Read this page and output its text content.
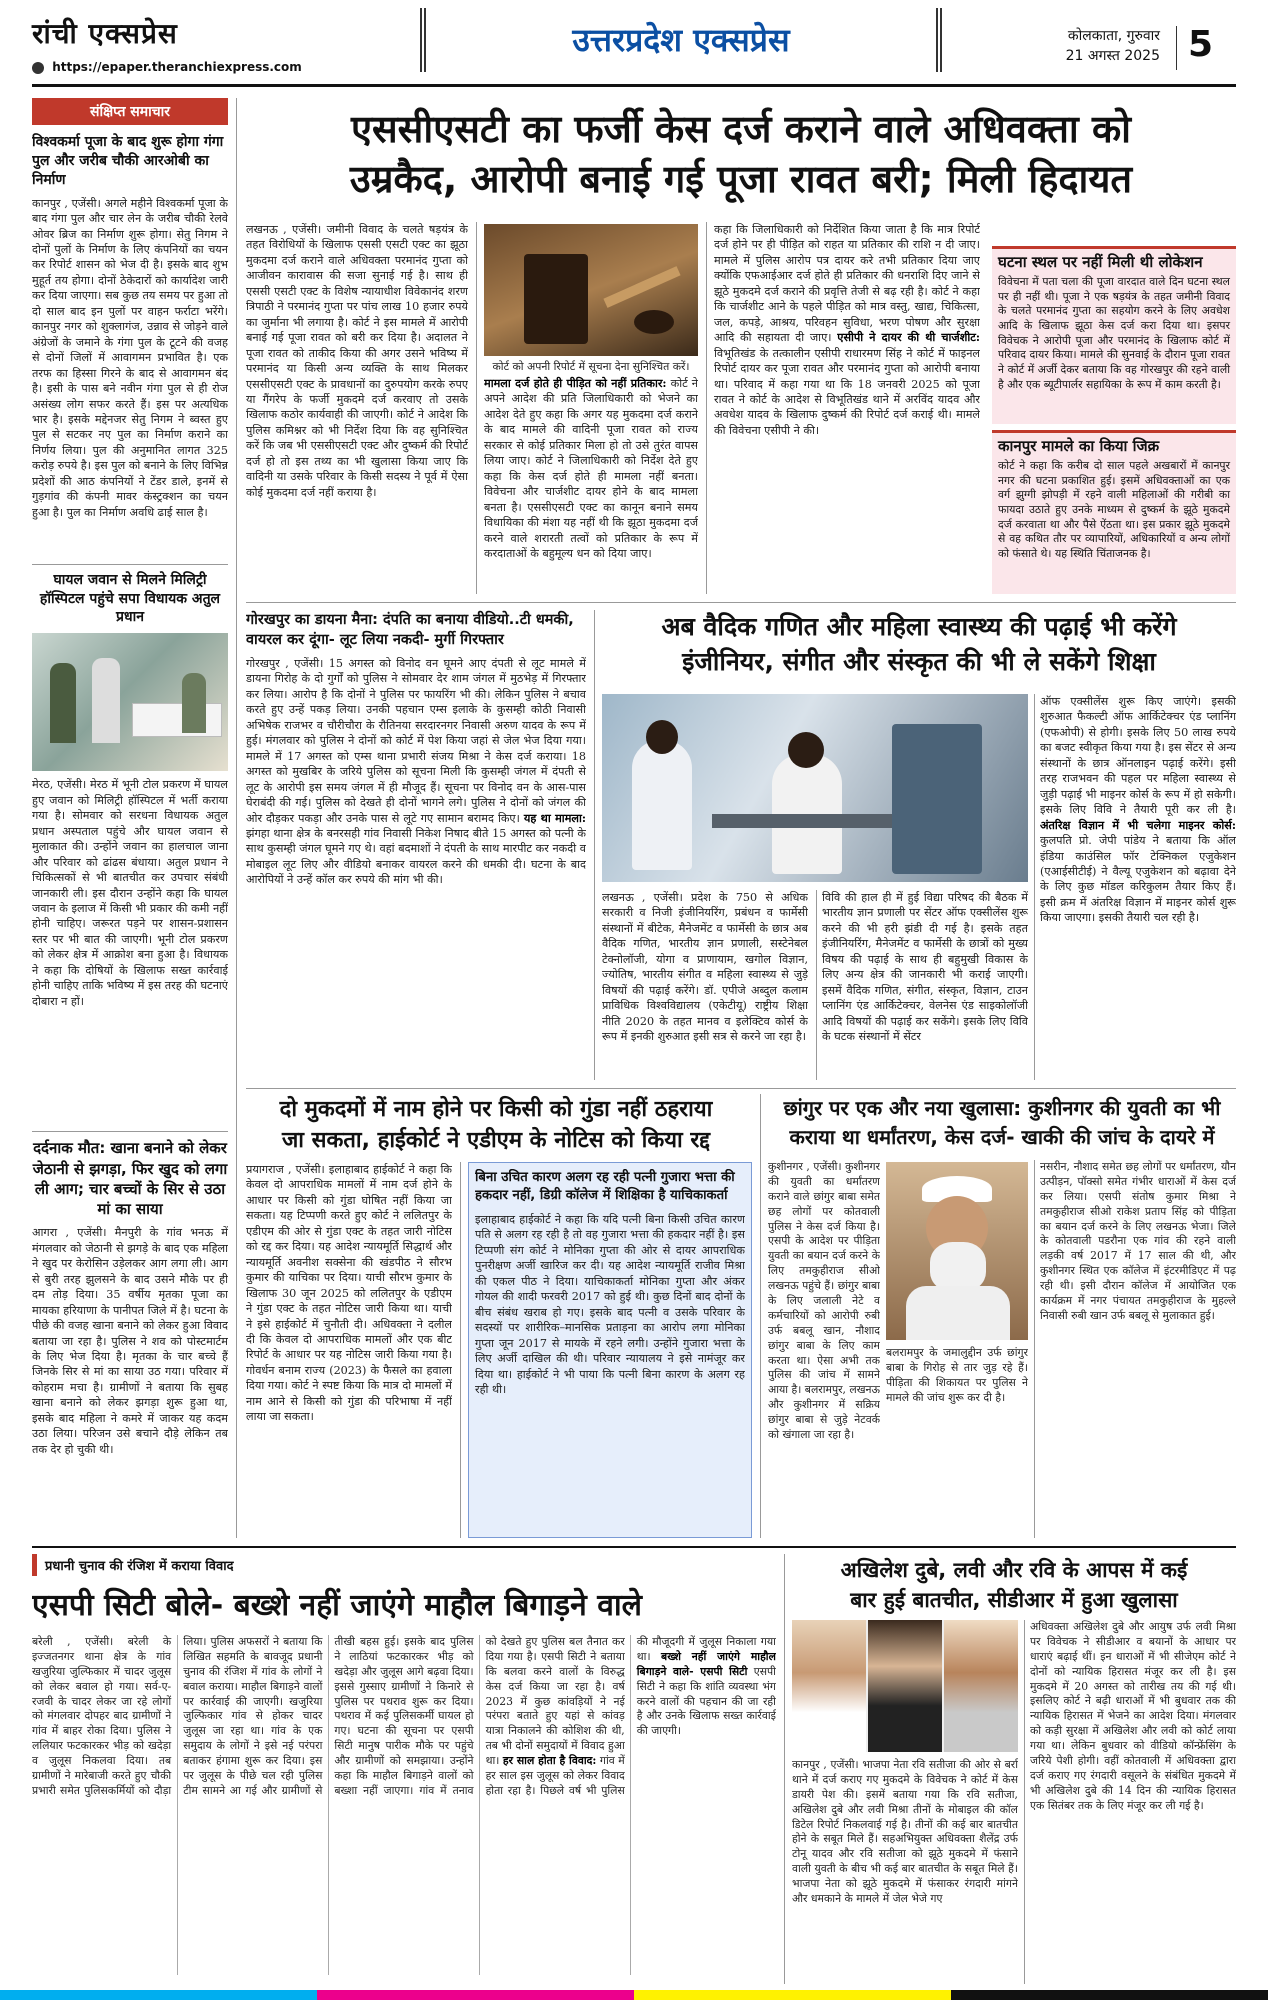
रांची एक्सप्रेस
https://epaper.theranchiexpress.com
उत्तरप्रदेश एक्सप्रेस	कोलकाता, गुरुवार
21 अगस्त 2025 5
संक्षिप्त समाचार
विश्वकर्मा पूजा के बाद शुरू होगा गंगा पुल और जरीब चौकी आरओबी का निर्माण
कानपुर , एजेंसी। अगले महीने विश्वकर्मा पूजा के बाद गंगा पुल और चार लेन के जरीब चौकी रेलवे ओवर ब्रिज का निर्माण शुरू होगा। सेतु निगम ने दोनों पुलों के निर्माण के लिए कंपनियों का चयन कर रिपोर्ट शासन को भेज दी है। इसके बाद शुभ मुहूर्त तय होगा। दोनों ठेकेदारों को कार्यादेश जारी कर दिया जाएगा। सब कुछ तय समय पर हुआ तो दो साल बाद इन पुलों पर वाहन फर्राटा भरेंगे। कानपुर नगर को शुक्लागंज, उन्नाव से जोड़ने वाले अंग्रेजों के जमाने के गंगा पुल के टूटने की वजह से दोनों जिलों में आवागमन प्रभावित है। एक तरफ का हिस्सा गिरने के बाद से आवागमन बंद है। इसी के पास बने नवीन गंगा पुल से ही रोज असंख्य लोग सफर करते हैं। इस पर अत्यधिक भार है। इसके मद्देनजर सेतु निगम ने ब्वस्त हुए पुल से सटकर नए पुल का निर्माण कराने का निर्णय लिया। पुल की अनुमानित लागत 325 करोड़ रुपये है। इस पुल को बनाने के लिए विभिन्न प्रदेशों की आठ कंपनियों ने टेंडर डाले, इनमें से गुड़गांव की कंपनी मावर कंस्ट्रक्शन का चयन हुआ है। पुल का निर्माण अवधि ढाई साल है।
घायल जवान से मिलने मिलिट्री हॉस्पिटल पहुंचे सपा विधायक अतुल प्रधान
मेरठ, एजेंसी। मेरठ में भूनी टोल प्रकरण में घायल हुए जवान को मिलिट्री हॉस्पिटल में भर्ती कराया गया है। सोमवार को सरधना विधायक अतुल प्रधान अस्पताल पहुंचे और घायल जवान से मुलाकात की। उन्होंने जवान का हालचाल जाना और परिवार को ढांढस बंधाया। अतुल प्रधान ने चिकित्सकों से भी बातचीत कर उपचार संबंधी जानकारी ली। इस दौरान उन्होंने कहा कि घायल जवान के इलाज में किसी भी प्रकार की कमी नहीं होनी चाहिए। जरूरत पड़ने पर शासन-प्रशासन स्तर पर भी बात की जाएगी। भूनी टोल प्रकरण को लेकर क्षेत्र में आक्रोश बना हुआ है। विधायक ने कहा कि दोषियों के खिलाफ सख्त कार्रवाई होनी चाहिए ताकि भविष्य में इस तरह की घटनाएं दोबारा न हों।
दर्दनाक मौत: खाना बनाने को लेकर जेठानी से झगड़ा, फिर खुद को लगा ली आग; चार बच्चों के सिर से उठा मां का साया
आगरा , एजेंसी। मैनपुरी के गांव भनऊ में मंगलवार को जेठानी से झगड़े के बाद एक महिला ने खुद पर केरोसिन उड़ेलकर आग लगा ली। आग से बुरी तरह झुलसने के बाद उसने मौके पर ही दम तोड़ दिया। 35 वर्षीय मृतका पूजा का मायका हरियाणा के पानीपत जिले में है। घटना के पीछे की वजह खाना बनाने को लेकर हुआ विवाद बताया जा रहा है। पुलिस ने शव को पोस्टमार्टम के लिए भेज दिया है। मृतका के चार बच्चे हैं जिनके सिर से मां का साया उठ गया। परिवार में कोहराम मचा है। ग्रामीणों ने बताया कि सुबह खाना बनाने को लेकर झगड़ा शुरू हुआ था, इसके बाद महिला ने कमरे में जाकर यह कदम उठा लिया। परिजन उसे बचाने दौड़े लेकिन तब तक देर हो चुकी थी।
एससीएसटी का फर्जी केस दर्ज कराने वाले अधिवक्ता को
उम्रकैद, आरोपी बनाई गई पूजा रावत बरी; मिली हिदायत
लखनऊ , एजेंसी। जमीनी विवाद के चलते षड़यंत्र के तहत विरोधियों के खिलाफ एससी एसटी एक्ट का झूठा मुकदमा दर्ज कराने वाले अधिवक्ता परमानंद गुप्ता को आजीवन कारावास की सजा सुनाई गई है। साथ ही एससी एसटी एक्ट के विशेष न्यायाधीश विवेकानंद शरण त्रिपाठी ने परमानंद गुप्ता पर पांच लाख 10 हजार रुपये का जुर्माना भी लगाया है। कोर्ट ने इस मामले में आरोपी बनाई गई पूजा रावत को बरी कर दिया है। अदालत ने पूजा रावत को ताकीद किया की अगर उसने भविष्य में परमानंद या किसी अन्य व्यक्ति के साथ मिलकर एससीएसटी एक्ट के प्रावधानों का दुरुपयोग करके रुपए या गैंगरेप के फर्जी मुकदमे दर्ज करवाए तो उसके खिलाफ कठोर कार्यवाही की जाएगी। कोर्ट ने आदेश कि पुलिस कमिश्नर को भी निर्देश दिया कि वह सुनिश्चित करें कि जब भी एससीएसटी एक्ट और दुष्कर्म की रिपोर्ट दर्ज हो तो इस तथ्य का भी खुलासा किया जाए कि वादिनी या उसके परिवार के किसी सदस्य ने पूर्व में ऐसा कोई मुकदमा दर्ज नहीं कराया है।
कोर्ट को अपनी रिपोर्ट में सूचना देना सुनिश्चित करें।
मामला दर्ज होते ही पीड़ित को नहीं प्रतिकार: कोर्ट ने अपने आदेश की प्रति जिलाधिकारी को भेजने का आदेश देते हुए कहा कि अगर यह मुकदमा दर्ज कराने के बाद मामले की वादिनी पूजा रावत को राज्य सरकार से कोई प्रतिकार मिला हो तो उसे तुरंत वापस लिया जाए। कोर्ट ने जिलाधिकारी को निर्देश देते हुए कहा कि केस दर्ज होते ही मामला नहीं बनता। विवेचना और चार्जशीट दायर होने के बाद मामला बनता है। एससीएसटी एक्ट का कानून बनाने समय विधायिका की मंशा यह नहीं थी कि झूठा मुकदमा दर्ज करने वाले शरारती तत्वों को प्रतिकार के रूप में करदाताओं के बहुमूल्य धन को दिया जाए।
कहा कि जिलाधिकारी को निर्देशित किया जाता है कि मात्र रिपोर्ट दर्ज होने पर ही पीड़ित को राहत या प्रतिकार की राशि न दी जाए। मामले में पुलिस आरोप पत्र दायर करे तभी प्रतिकार दिया जाए क्योंकि एफआईआर दर्ज होते ही प्रतिकार की धनराशि दिए जाने से झूठे मुकदमे दर्ज कराने की प्रवृत्ति तेजी से बढ़ रही है। कोर्ट ने कहा कि चार्जशीट आने के पहले पीड़ित को मात्र वस्तु, खाद्य, चिकित्सा, जल, कपड़े, आश्रय, परिवहन सुविधा, भरण पोषण और सुरक्षा आदि की सहायता दी जाए। एसीपी ने दायर की थी चार्जशीट: विभूतिखंड के तत्कालीन एसीपी राधारमण सिंह ने कोर्ट में फाइनल रिपोर्ट दायर कर पूजा रावत और परमानंद गुप्ता को आरोपी बनाया था। परिवाद में कहा गया था कि 18 जनवरी 2025 को पूजा रावत ने कोर्ट के आदेश से विभूतिखंड थाने में अरविंद यादव और अवधेश यादव के खिलाफ दुष्कर्म की रिपोर्ट दर्ज कराई थी। मामले की विवेचना एसीपी ने की।
घटना स्थल पर नहीं मिली थी लोकेशन
विवेचना में पता चला की पूजा वारदात वाले दिन घटना स्थल पर ही नहीं थी। पूजा ने एक षड़यंत्र के तहत जमीनी विवाद के चलते परमानंद गुप्ता का सहयोग करने के लिए अवधेश आदि के खिलाफ झूठा केस दर्ज करा दिया था। इसपर विवेचक ने आरोपी पूजा और परमानंद के खिलाफ कोर्ट में परिवाद दायर किया। मामले की सुनवाई के दौरान पूजा रावत ने कोर्ट में अर्जी देकर बताया कि वह गोरखपुर की रहने वाली है और एक ब्यूटीपार्लर सहायिका के रूप में काम करती है।
कानपुर मामले का किया जिक्र
कोर्ट ने कहा कि करीब दो साल पहले अखबारों में कानपुर नगर की घटना प्रकाशित हुई। इसमें अधिवक्ताओं का एक वर्ग झुग्गी झोपड़ी में रहने वाली महिलाओं की गरीबी का फायदा उठाते हुए उनके माध्यम से दुष्कर्म के झूठे मुकदमे दर्ज करवाता था और पैसे ऐंठता था। इस प्रकार झूठे मुकदमे से वह कथित तौर पर व्यापारियों, अधिकारियों व अन्य लोगों को फंसाते थे। यह स्थिति चिंताजनक है।
गोरखपुर का डायना मैना: दंपति का बनाया वीडियो..टी धमकी, वायरल कर दूंगा- लूट लिया नकदी- मुर्गी गिरफ्तार
गोरखपुर , एजेंसी। 15 अगस्त को विनोद वन घूमने आए दंपती से लूट मामले में डायना गिरोह के दो गुर्गों को पुलिस ने सोमवार देर शाम जंगल में मुठभेड़ में गिरफ्तार कर लिया। आरोप है कि दोनों ने पुलिस पर फायरिंग भी की। लेकिन पुलिस ने बचाव करते हुए उन्हें पकड़ लिया। उनकी पहचान एम्स इलाके के कुसम्ही कोठी निवासी अभिषेक राजभर व चौरीचौरा के रौतिनया सरदारनगर निवासी अरुण यादव के रूप में हुई। मंगलवार को पुलिस ने दोनों को कोर्ट में पेश किया जहां से जेल भेज दिया गया। मामले में 17 अगस्त को एम्स थाना प्रभारी संजय मिश्रा ने केस दर्ज कराया। 18 अगस्त को मुखबिर के जरिये पुलिस को सूचना मिली कि कुसम्ही जंगल में दंपती से लूट के आरोपी इस समय जंगल में ही मौजूद हैं। सूचना पर विनोद वन के आस-पास घेराबंदी की गई। पुलिस को देखते ही दोनों भागने लगे। पुलिस ने दोनों को जंगल की ओर दौड़कर पकड़ा और उनके पास से लूटे गए सामान बरामद किए। यह था मामला: झंगहा थाना क्षेत्र के बनरसही गांव निवासी निकेश निषाद बीते 15 अगस्त को पत्नी के साथ कुसम्ही जंगल घूमने गए थे। वहां बदमाशों ने दंपती के साथ मारपीट कर नकदी व मोबाइल लूट लिए और वीडियो बनाकर वायरल करने की धमकी दी। घटना के बाद आरोपियों ने उन्हें कॉल कर रुपये की मांग भी की।
अब वैदिक गणित और महिला स्वास्थ्य की पढ़ाई भी करेंगे
इंजीनियर, संगीत और संस्कृत की भी ले सकेंगे शिक्षा
लखनऊ , एजेंसी। प्रदेश के 750 से अधिक सरकारी व निजी इंजीनियरिंग, प्रबंधन व फार्मेसी संस्थानों में बीटेक, मैनेजमेंट व फार्मेसी के छात्र अब वैदिक गणित, भारतीय ज्ञान प्रणाली, सस्टेनेबल टेक्नोलॉजी, योगा व प्राणायाम, खगोल विज्ञान, ज्योतिष, भारतीय संगीत व महिला स्वास्थ्य से जुड़े विषयों की पढ़ाई करेंगे। डॉ. एपीजे अब्दुल कलाम प्राविधिक विश्वविद्यालय (एकेटीयू) राष्ट्रीय शिक्षा नीति 2020 के तहत मानव व इलेक्टिव कोर्स के रूप में इनकी शुरुआत इसी सत्र से करने जा रहा है।
विवि की हाल ही में हुई विद्या परिषद की बैठक में भारतीय ज्ञान प्रणाली पर सेंटर ऑफ एक्सीलेंस शुरू करने की भी हरी झंडी दी गई है। इसके तहत इंजीनियरिंग, मैनेजमेंट व फार्मेसी के छात्रों को मुख्य विषय की पढ़ाई के साथ ही बहुमुखी विकास के लिए अन्य क्षेत्र की जानकारी भी कराई जाएगी। इसमें वैदिक गणित, संगीत, संस्कृत, विज्ञान, टाउन प्लानिंग एंड आर्किटेक्चर, वेलनेस एंड साइकोलॉजी आदि विषयों की पढ़ाई कर सकेंगे। इसके लिए विवि के घटक संस्थानों में सेंटर
ऑफ एक्सीलेंस शुरू किए जाएंगे। इसकी शुरुआत फैकल्टी ऑफ आर्किटेक्चर एंड प्लानिंग (एफओपी) से होगी। इसके लिए 50 लाख रुपये का बजट स्वीकृत किया गया है। इस सेंटर से अन्य संस्थानों के छात्र ऑनलाइन पढ़ाई करेंगे। इसी तरह राजभवन की पहल पर महिला स्वास्थ्य से जुड़ी पढ़ाई भी माइनर कोर्स के रूप में हो सकेगी। इसके लिए विवि ने तैयारी पूरी कर ली है। अंतरिक्ष विज्ञान में भी चलेगा माइनर कोर्स: कुलपति प्रो. जेपी पांडेय ने बताया कि ऑल इंडिया काउंसिल फॉर टेक्निकल एजुकेशन (एआईसीटीई) ने वैल्यू एजुकेशन को बढ़ावा देने के लिए कुछ मॉडल करिकुलम तैयार किए हैं। इसी क्रम में अंतरिक्ष विज्ञान में माइनर कोर्स शुरू किया जाएगा। इसकी तैयारी चल रही है।
दो मुकदमों में नाम होने पर किसी को गुंडा नहीं ठहराया
जा सकता, हाईकोर्ट ने एडीएम के नोटिस को किया रद्द
प्रयागराज , एजेंसी। इलाहाबाद हाईकोर्ट ने कहा कि केवल दो आपराधिक मामलों में नाम दर्ज होने के आधार पर किसी को गुंडा घोषित नहीं किया जा सकता। यह टिप्पणी करते हुए कोर्ट ने ललितपुर के एडीएम की ओर से गुंडा एक्ट के तहत जारी नोटिस को रद्द कर दिया। यह आदेश न्यायमूर्ति सिद्धार्थ और न्यायमूर्ति अवनीश सक्सेना की खंडपीठ ने सौरभ कुमार की याचिका पर दिया। याची सौरभ कुमार के खिलाफ 30 जून 2025 को ललितपुर के एडीएम ने गुंडा एक्ट के तहत नोटिस जारी किया था। याची ने इसे हाईकोर्ट में चुनौती दी। अधिवक्ता ने दलील दी कि केवल दो आपराधिक मामलों और एक बीट रिपोर्ट के आधार पर यह नोटिस जारी किया गया है। गोवर्धन बनाम राज्य (2023) के फैसले का हवाला दिया गया। कोर्ट ने स्पष्ट किया कि मात्र दो मामलों में नाम आने से किसी को गुंडा की परिभाषा में नहीं लाया जा सकता।
बिना उचित कारण अलग रह रही पत्नी गुजारा भत्ता की हकदार नहीं, डिग्री कॉलेज में शिक्षिका है याचिकाकर्ता
इलाहाबाद हाईकोर्ट ने कहा कि यदि पत्नी बिना किसी उचित कारण पति से अलग रह रही है तो वह गुजारा भत्ता की हकदार नहीं है। इस टिप्पणी संग कोर्ट ने मोनिका गुप्ता की ओर से दायर आपराधिक पुनरीक्षण अर्जी खारिज कर दी। यह आदेश न्यायमूर्ति राजीव मिश्रा की एकल पीठ ने दिया। याचिकाकर्ता मोनिका गुप्ता और अंकर गोयल की शादी फरवरी 2017 को हुई थी। कुछ दिनों बाद दोनों के बीच संबंध खराब हो गए। इसके बाद पत्नी व उसके परिवार के सदस्यों पर शारीरिक–मानसिक प्रताड़ना का आरोप लगा मोनिका गुप्ता जून 2017 से मायके में रहने लगी। उन्होंने गुजारा भत्ता के लिए अर्जी दाखिल की थी। परिवार न्यायालय ने इसे नामंजूर कर दिया था। हाईकोर्ट ने भी पाया कि पत्नी बिना कारण के अलग रह रही थी।
छांगुर पर एक और नया खुलासा: कुशीनगर की युवती का भी
कराया था धर्मांतरण, केस दर्ज- खाकी की जांच के दायरे में
कुशीनगर , एजेंसी। कुशीनगर की युवती का धर्मांतरण कराने वाले छांगुर बाबा समेत छह लोगों पर कोतवाली पुलिस ने केस दर्ज किया है। एसपी के आदेश पर पीड़िता युवती का बयान दर्ज करने के लिए तमकुहीराज सीओ लखनऊ पहुंचे हैं। छांगुर बाबा के लिए जलाली नेटे व कर्मचारियों को आरोपी रुबी उर्फ बबलू खान, नौशाद छांगुर बाबा के लिए काम करता था। ऐसा अभी तक पुलिस की जांच में सामने आया है। बलरामपुर, लखनऊ और कुशीनगर में सक्रिय छांगुर बाबा से जुड़े नेटवर्क को खंगाला जा रहा है।
बलरामपुर के जमालुद्दीन उर्फ छांगुर बाबा के गिरोह से तार जुड़ रहे हैं। पीड़िता की शिकायत पर पुलिस ने मामले की जांच शुरू कर दी है।
नसरीन, नौशाद समेत छह लोगों पर धर्मांतरण, यौन उत्पीड़न, पॉक्सो समेत गंभीर धाराओं में केस दर्ज कर लिया। एसपी संतोष कुमार मिश्रा ने तमकुहीराज सीओ राकेश प्रताप सिंह को पीड़िता का बयान दर्ज करने के लिए लखनऊ भेजा। जिले के कोतवाली पडरौना एक गांव की रहने वाली लड़की वर्ष 2017 में 17 साल की थी, और कुशीनगर स्थित एक कॉलेज में इंटरमीडिएट में पढ़ रही थी। इसी दौरान कॉलेज में आयोजित एक कार्यक्रम में नगर पंचायत तमकुहीराज के मुहल्ले निवासी रुबी खान उर्फ बबलू से मुलाकात हुई।
प्रधानी चुनाव की रंजिश में कराया विवाद
एसपी सिटी बोले- बख्शे नहीं जाएंगे माहौल बिगाड़ने वाले
बरेली , एजेंसी। बरेली के इज्जतनगर थाना क्षेत्र के गांव खजुरिया जुल्फिकार में चादर जुलूस को लेकर बवाल हो गया। सर्व-ए-रजवी के चादर लेकर जा रहे लोगों को मंगलवार दोपहर बाद ग्रामीणों ने गांव में बाहर रोका दिया। पुलिस ने ललियार फटकारकर भीड़ को खदेड़ा व जुलूस निकलवा दिया। तब ग्रामीणों ने मारेबाजी करते हुए चौकी प्रभारी समेत पुलिसकर्मियों को दौड़ा लिया। पुलिस अफसरों ने बताया कि लिखित सहमति के बावजूद प्रधानी चुनाव की रंजिश में गांव के लोगों ने बवाल कराया। माहौल बिगाड़ने वालों पर कार्रवाई की जाएगी। खजुरिया जुल्फिकार गांव से होकर चादर जुलूस जा रहा था। गांव के एक समुदाय के लोगों ने इसे नई परंपरा बताकर हंगामा शुरू कर दिया। इस पर जुलूस के पीछे चल रही पुलिस टीम सामने आ गई और ग्रामीणों से तीखी बहस हुई। इसके बाद पुलिस ने लाठियां फटकारकर भीड़ को खदेड़ा और जुलूस आगे बढ़वा दिया। इससे गुस्साए ग्रामीणों ने किनारे से पुलिस पर पथराव शुरू कर दिया। पथराव में कई पुलिसकर्मी घायल हो गए। घटना की सूचना पर एसपी सिटी मानुष पारीक मौके पर पहुंचे और ग्रामीणों को समझाया। उन्होंने कहा कि माहौल बिगाड़ने वालों को बख्शा नहीं जाएगा। गांव में तनाव को देखते हुए पुलिस बल तैनात कर दिया गया है। एसपी सिटी ने बताया कि बलवा करने वालों के विरुद्ध केस दर्ज किया जा रहा है। वर्ष 2023 में कुछ कांवड़ियों ने नई परंपरा बताते हुए यहां से कांवड़ यात्रा निकालने की कोशिश की थी, तब भी दोनों समुदायों में विवाद हुआ था। हर साल होता है विवाद: गांव में हर साल इस जुलूस को लेकर विवाद होता रहा है। पिछले वर्ष भी पुलिस की मौजूदगी में जुलूस निकाला गया था। बख्शे नहीं जाएंगे माहौल बिगाड़ने वाले- एसपी सिटी एसपी सिटी ने कहा कि शांति व्यवस्था भंग करने वालों की पहचान की जा रही है और उनके खिलाफ सख्त कार्रवाई की जाएगी।
अखिलेश दुबे, लवी और रवि के आपस में कई
बार हुई बातचीत, सीडीआर में हुआ खुलासा
कानपुर , एजेंसी। भाजपा नेता रवि सतीजा की ओर से बर्रा थाने में दर्ज कराए गए मुकदमे के विवेचक ने कोर्ट में केस डायरी पेश की। इसमें बताया गया कि रवि सतीजा, अखिलेश दुबे और लवी मिश्रा तीनों के मोबाइल की कॉल डिटेल रिपोर्ट निकलवाई गई है। तीनों की कई बार बातचीत होने के सबूत मिले हैं। सहअभियुक्त अधिवक्ता शैलेंद्र उर्फ टोनू यादव और रवि सतीजा को झूठे मुकदमे में फंसाने वाली युवती के बीच भी कई बार बातचीत के सबूत मिले हैं। भाजपा नेता को झूठे मुकदमे में फंसाकर रंगदारी मांगने और धमकाने के मामले में जेल भेजे गए
अधिवक्ता अखिलेश दुबे और आयुष उर्फ लवी मिश्रा पर विवेचक ने सीडीआर व बयानों के आधार पर धाराएं बढ़ाई थीं। इन धाराओं में भी सीजेएम कोर्ट ने दोनों को न्यायिक हिरासत मंजूर कर ली है। इस मुकदमे में 20 अगस्त को तारीख तय की गई थी। इसलिए कोर्ट ने बढ़ी धाराओं में भी बुधवार तक की न्यायिक हिरासत में भेजने का आदेश दिया। मंगलवार को कड़ी सुरक्षा में अखिलेश और लवी को कोर्ट लाया गया था। लेकिन बुधवार को वीडियो कॉन्फ्रेंसिंग के जरिये पेशी होगी। वहीं कोतवाली में अधिवक्ता द्वारा दर्ज कराए गए रंगदारी वसूलने के संबंधित मुकदमे में भी अखिलेश दुबे की 14 दिन की न्यायिक हिरासत एक सितंबर तक के लिए मंजूर कर ली गई है।
